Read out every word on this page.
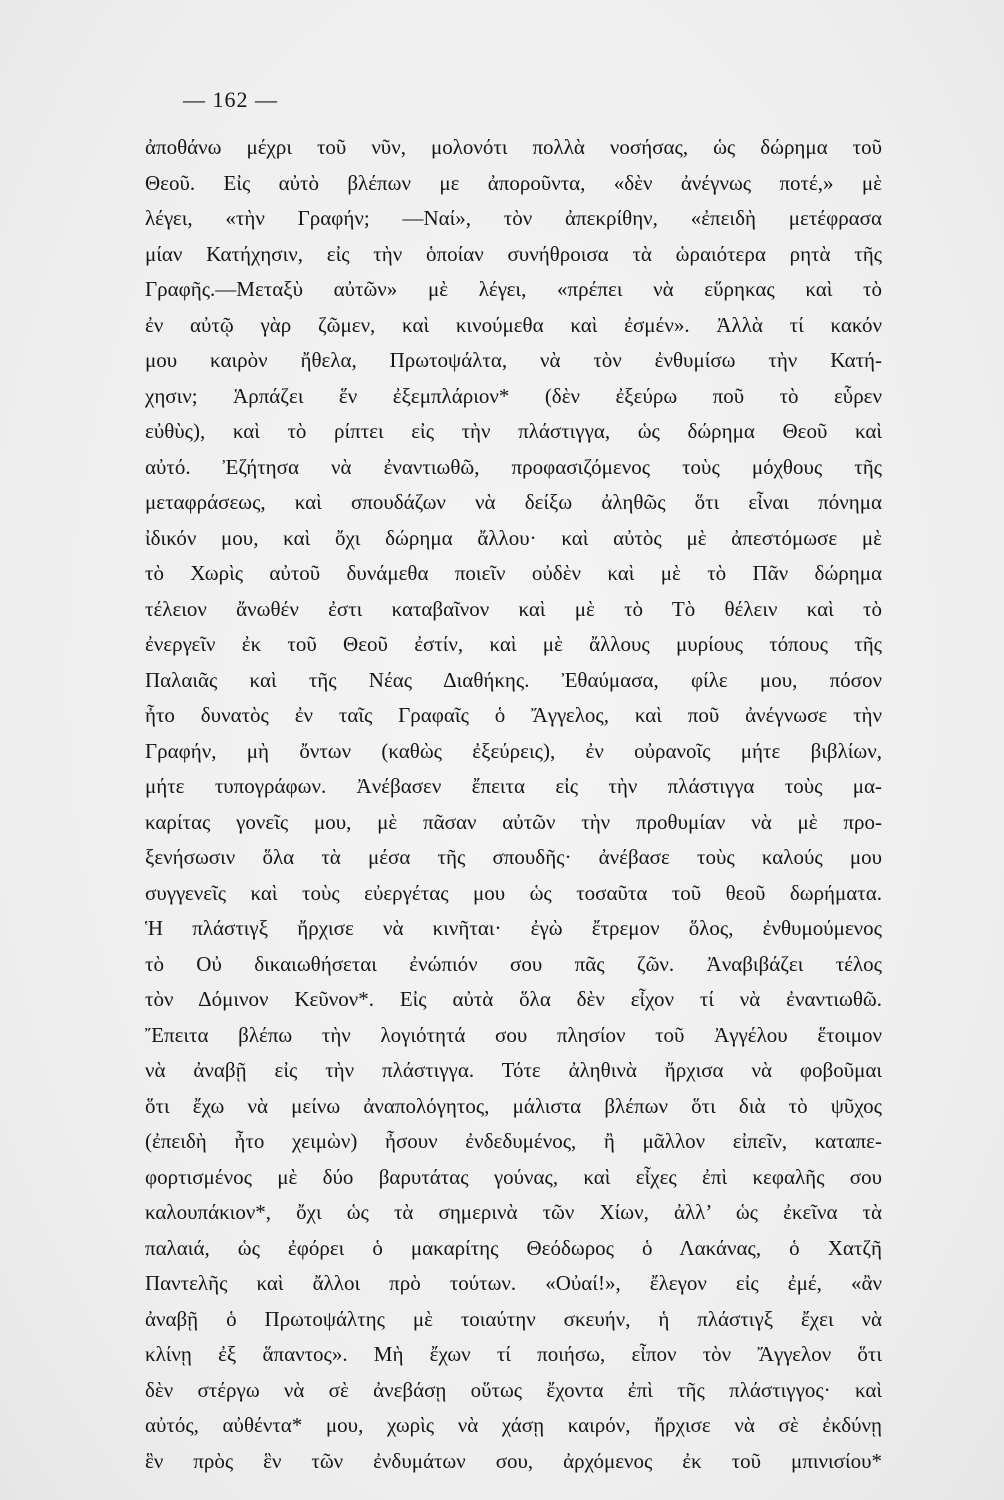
— 162 —
ἀποθάνω μέχρι τοῦ νῦν, μολονότι πολλὰ νοσήσας, ὡς δώρημα τοῦ
Θεοῦ. Εἰς αὐτὸ βλέπων με ἀποροῦντα, «δὲν ἀνέγνως ποτέ,» μὲ
λέγει, «τὴν Γραφήν; —Ναί», τὸν ἀπεκρίθην, «ἐπειδὴ μετέφρασα
μίαν Κατήχησιν, εἰς τὴν ὁποίαν συνήθροισα τὰ ὡραιότερα ρητὰ τῆς
Γραφῆς.—Μεταξὺ αὐτῶν» μὲ λέγει, «πρέπει νὰ εὕρηκας καὶ τὸ
ἐν αὐτῷ γὰρ ζῶμεν, καὶ κινούμεθα καὶ ἐσμέν». Ἀλλὰ τί κακόν
μου καιρὸν ἤθελα, Πρωτοψάλτα, νὰ τὸν ἐνθυμίσω τὴν Κατή-
χησιν; Ἁρπάζει ἕν ἐξεμπλάριον* (δὲν ἐξεύρω ποῦ τὸ εὗρεν
εὐθὺς), καὶ τὸ ρίπτει εἰς τὴν πλάστιγγα, ὡς δώρημα Θεοῦ καὶ
αὐτό. Ἐζήτησα νὰ ἐναντιωθῶ, προφασιζόμενος τοὺς μόχθους τῆς
μεταφράσεως, καὶ σπουδάζων νὰ δείξω ἀληθῶς ὅτι εἶναι πόνημα
ἰδικόν μου, καὶ ὄχι δώρημα ἄλλου· καὶ αὐτὸς μὲ ἀπεστόμωσε μὲ
τὸ Χωρὶς αὐτοῦ δυνάμεθα ποιεῖν οὐδὲν καὶ μὲ τὸ Πᾶν δώρημα
τέλειον ἄνωθέν ἐστι καταβαῖνον καὶ μὲ τὸ Τὸ θέλειν καὶ τὸ
ἐνεργεῖν ἐκ τοῦ Θεοῦ ἐστίν, καὶ μὲ ἄλλους μυρίους τόπους τῆς
Παλαιᾶς καὶ τῆς Νέας Διαθήκης. Ἐθαύμασα, φίλε μου, πόσον
ἦτο δυνατὸς ἐν ταῖς Γραφαῖς ὁ Ἄγγελος, καὶ ποῦ ἀνέγνωσε τὴν
Γραφήν, μὴ ὄντων (καθὼς ἐξεύρεις), ἐν οὐρανοῖς μήτε βιβλίων,
μήτε τυπογράφων. Ἀνέβασεν ἔπειτα εἰς τὴν πλάστιγγα τοὺς μα-
καρίτας γονεῖς μου, μὲ πᾶσαν αὐτῶν τὴν προθυμίαν νὰ μὲ προ-
ξενήσωσιν ὅλα τὰ μέσα τῆς σπουδῆς· ἀνέβασε τοὺς καλούς μου
συγγενεῖς καὶ τοὺς εὐεργέτας μου ὡς τοσαῦτα τοῦ θεοῦ δωρήματα.
Ἡ πλάστιγξ ἤρχισε νὰ κινῆται· ἐγὼ ἔτρεμον ὅλος, ἐνθυμούμενος
τὸ Οὐ δικαιωθήσεται ἐνώπιόν σου πᾶς ζῶν. Ἀναβιβάζει τέλος
τὸν Δόμινον Κεῦνον*. Εἰς αὐτὰ ὅλα δὲν εἶχον τί νὰ ἐναντιωθῶ.
Ἔπειτα βλέπω τὴν λογιότητά σου πλησίον τοῦ Ἀγγέλου ἕτοιμον
νὰ ἀναβῇ εἰς τὴν πλάστιγγα. Τότε ἀληθινὰ ἤρχισα νὰ φοβοῦμαι
ὅτι ἔχω νὰ μείνω ἀναπολόγητος, μάλιστα βλέπων ὅτι διὰ τὸ ψῦχος
(ἐπειδὴ ἦτο χειμὼν) ἦσουν ἐνδεδυμένος, ἢ μᾶλλον εἰπεῖν, καταπε-
φορτισμένος μὲ δύο βαρυτάτας γούνας, καὶ εἶχες ἐπὶ κεφαλῆς σου
καλουπάκιον*, ὄχι ὡς τὰ σημερινὰ τῶν Χίων, ἀλλ’ ὡς ἐκεῖνα τὰ
παλαιά, ὡς ἐφόρει ὁ μακαρίτης Θεόδωρος ὁ Λακάνας, ὁ Χατζῆ
Παντελῆς καὶ ἄλλοι πρὸ τούτων. «Οὐαί!», ἔλεγον εἰς ἐμέ, «ἂν
ἀναβῇ ὁ Πρωτοψάλτης μὲ τοιαύτην σκευήν, ἡ πλάστιγξ ἔχει νὰ
κλίνῃ ἐξ ἅπαντος». Μὴ ἔχων τί ποιήσω, εἶπον τὸν Ἄγγελον ὅτι
δὲν στέργω νὰ σὲ ἀνεβάσῃ οὕτως ἔχοντα ἐπὶ τῆς πλάστιγγος· καὶ
αὐτός, αὐθέντα* μου, χωρὶς νὰ χάσῃ καιρόν, ἤρχισε νὰ σὲ ἐκδύνῃ
ἓν πρὸς ἓν τῶν ἐνδυμάτων σου, ἀρχόμενος ἐκ τοῦ μπινισίου*
